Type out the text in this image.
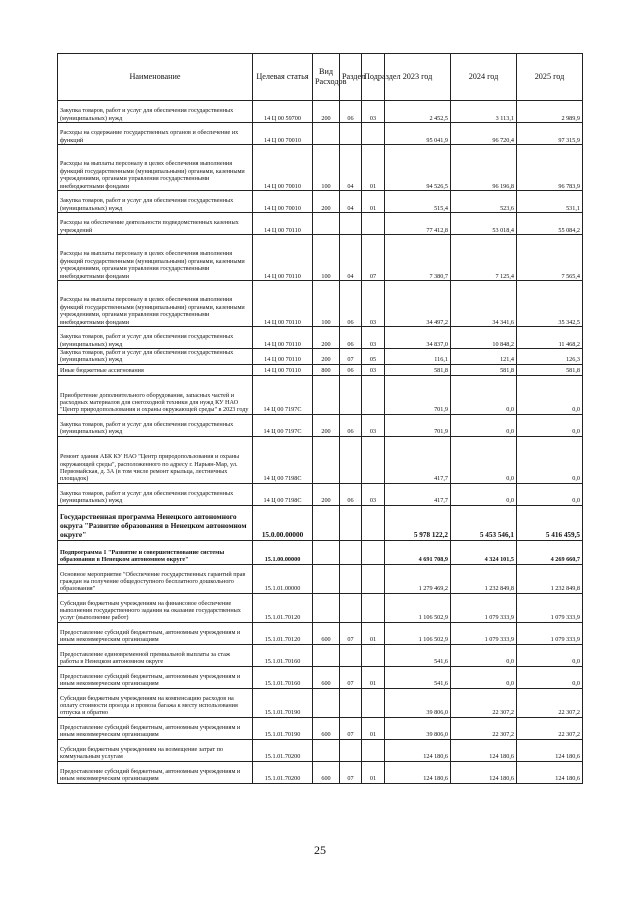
Наименование	Целевая статья	Вид Расходов	Раздел	Подраздел	2023 год	2024 год	2025 год
Закупка товаров, работ и услуг для обеспечения государственных (муниципальных) нужд	14 Ц 00 59700	200	06	03	2 452,5	3 113,1	2 989,9
Расходы на содержание государственных органов и обеспечение их функций	14 Ц 00 70010				95 041,9	96 720,4	97 315,9
Расходы на выплаты персоналу в целях обеспечения выполнения функций государственными (муниципальными) органами, казенными учреждениями, органами управления государственными внебюджетными фондами	14 Ц 00 70010	100	04	01	94 526,5	96 196,8	96 783,9
Закупка товаров, работ и услуг для обеспечения государственных (муниципальных) нужд	14 Ц 00 70010	200	04	01	515,4	523,6	531,1
Расходы на обеспечение деятельности подведомственных казенных учреждений	14 Ц 00 70110				77 412,8	53 018,4	55 084,2
Расходы на выплаты персоналу в целях обеспечения выполнения функций государственными (муниципальными) органами, казенными учреждениями, органами управления государственными внебюджетными фондами	14 Ц 00 70110	100	04	07	7 380,7	7 125,4	7 565,4
Расходы на выплаты персоналу в целях обеспечения выполнения функций государственными (муниципальными) органами, казенными учреждениями, органами управления государственными внебюджетными фондами	14 Ц 00 70110	100	06	03	34 497,2	34 341,6	35 342,5
Закупка товаров, работ и услуг для обеспечения государственных (муниципальных) нужд	14 Ц 00 70110	200	06	03	34 837,0	10 848,2	11 468,2
Закупка товаров, работ и услуг для обеспечения государственных (муниципальных) нужд	14 Ц 00 70110	200	07	05	116,1	121,4	126,3
Иные бюджетные ассигнования	14 Ц 00 70110	800	06	03	581,8	581,8	581,8
Приобретение дополнительного оборудования, запасных частей и расходных материалов для снегоходной техники для нужд КУ НАО "Центр природопользования и охраны окружающей среды" в 2023 году	14 Ц 00 7197С				701,9	0,0	0,0
Закупка товаров, работ и услуг для обеспечения государственных (муниципальных) нужд	14 Ц 00 7197С	200	06	03	701,9	0,0	0,0
Ремонт здания АБК КУ НАО "Центр природопользования и охраны окружающей среды", расположенного по адресу г. Нарьян-Мар, ул. Первомайская, д. 3А (в том числе ремонт крыльца, лестничных площадок)	14 Ц 00 7198С				417,7	0,0	0,0
Закупка товаров, работ и услуг для обеспечения государственных (муниципальных) нужд	14 Ц 00 7198С	200	06	03	417,7	0,0	0,0
Государственная программа Ненецкого автономного округа "Развитие образования в Ненецком автономном округе"	15.0.00.00000				5 978 122,2	5 453 546,1	5 416 459,5
Подпрограмма 1 "Развитие и совершенствование системы образования в Ненецком автономном округе"	15.1.00.00000				4 691 708,9	4 324 101,5	4 269 660,7
Основное мероприятие "Обеспечение государственных гарантий прав граждан на получение общедоступного бесплатного дошкольного образования"	15.1.01.00000				1 279 469,2	1 232 849,8	1 232 849,8
Субсидии бюджетным учреждениям на финансовое обеспечение выполнения государственного задания на оказание государственных услуг (выполнение работ)	15.1.01.70120				1 106 502,9	1 079 333,9	1 079 333,9
Предоставление субсидий бюджетным, автономным учреждениям и иным некоммерческим организациям	15.1.01.70120	600	07	01	1 106 502,9	1 079 333,9	1 079 333,9
Предоставление единовременной премиальной выплаты за стаж работы в Ненецком автономном округе	15.1.01.70160				541,6	0,0	0,0
Предоставление субсидий бюджетным, автономным учреждениям и иным некоммерческим организациям	15.1.01.70160	600	07	01	541,6	0,0	0,0
Субсидии бюджетным учреждениям на компенсацию расходов на оплату стоимости проезда и провоза багажа к месту использования отпуска и обратно	15.1.01.70190				39 806,0	22 307,2	22 307,2
Предоставление субсидий бюджетным, автономным учреждениям и иным некоммерческим организациям	15.1.01.70190	600	07	01	39 806,0	22 307,2	22 307,2
Субсидии бюджетным учреждениям на возмещение затрат по коммунальным услугам	15.1.01.70200				124 180,6	124 180,6	124 180,6
Предоставление субсидий бюджетным, автономным учреждениям и иным некоммерческим организациям	15.1.01.70200	600	07	01	124 180,6	124 180,6	124 180,6
25
